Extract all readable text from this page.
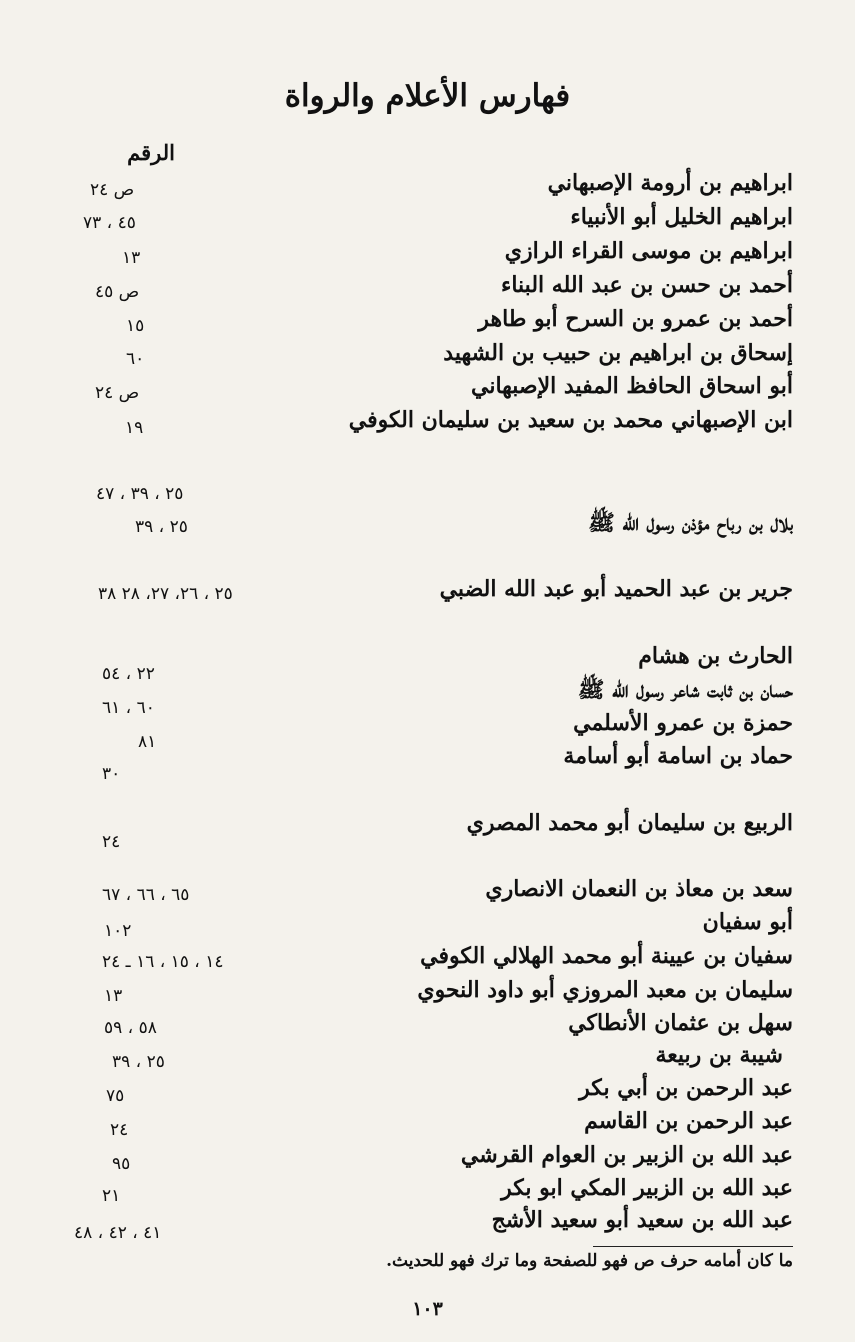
فهارس الأعلام والرواة
الرقم
ابراهيم بن أرومة الإصبهاني
ابراهيم الخليل أبو الأنبياء
ابراهيم بن موسى القراء الرازي
أحمد بن حسن بن عبد الله البناء
أحمد بن عمرو بن السرح أبو طاهر
إسحاق بن ابراهيم بن حبيب بن الشهيد
أبو اسحاق الحافظ المفيد الإصبهاني
ابن الإصبهاني محمد بن سعيد بن سليمان الكوفي
بلال بن رباح مؤذن رسول الله ﷺ
جرير بن عبد الحميد أبو عبد الله الضبي
الحارث بن هشام
حسان بن ثابت شاعر رسول الله ﷺ
حمزة بن عمرو الأسلمي
حماد بن اسامة أبو أسامة
الربيع بن سليمان أبو محمد المصري
سعد بن معاذ بن النعمان الانصاري
أبو سفيان
سفيان بن عيينة أبو محمد الهلالي الكوفي
سليمان بن معبد المروزي أبو داود النحوي
سهل بن عثمان الأنطاكي
شيبة بن ربيعة
عبد الرحمن بن أبي بكر
عبد الرحمن بن القاسم
عبد الله بن الزبير بن العوام القرشي
عبد الله بن الزبير المكي ابو بكر
عبد الله بن سعيد أبو سعيد الأشج
ص ٢٤
٤٥ ، ٧٣
١٣
ص ٤٥
١٥
٦٠
ص ٢٤
١٩
٢٥ ، ٣٩ ، ٤٧
٢٥ ، ٣٩
٢٥ ، ٢٦، ٢٧، ٢٨ ٣٨
٢٢ ، ٥٤
٦٠ ، ٦١
٨١
٣٠
٢٤
٦٥ ، ٦٦ ، ٦٧
١٠٢
١٤ ، ١٥ ، ١٦ ـ ٢٤
١٣
٥٨ ، ٥٩
٢٥ ، ٣٩
٧٥
٢٤
٩٥
٢١
٤١ ، ٤٢ ، ٤٨
ما كان أمامه حرف ص فهو للصفحة وما ترك فهو للحديث.
١٠٣
